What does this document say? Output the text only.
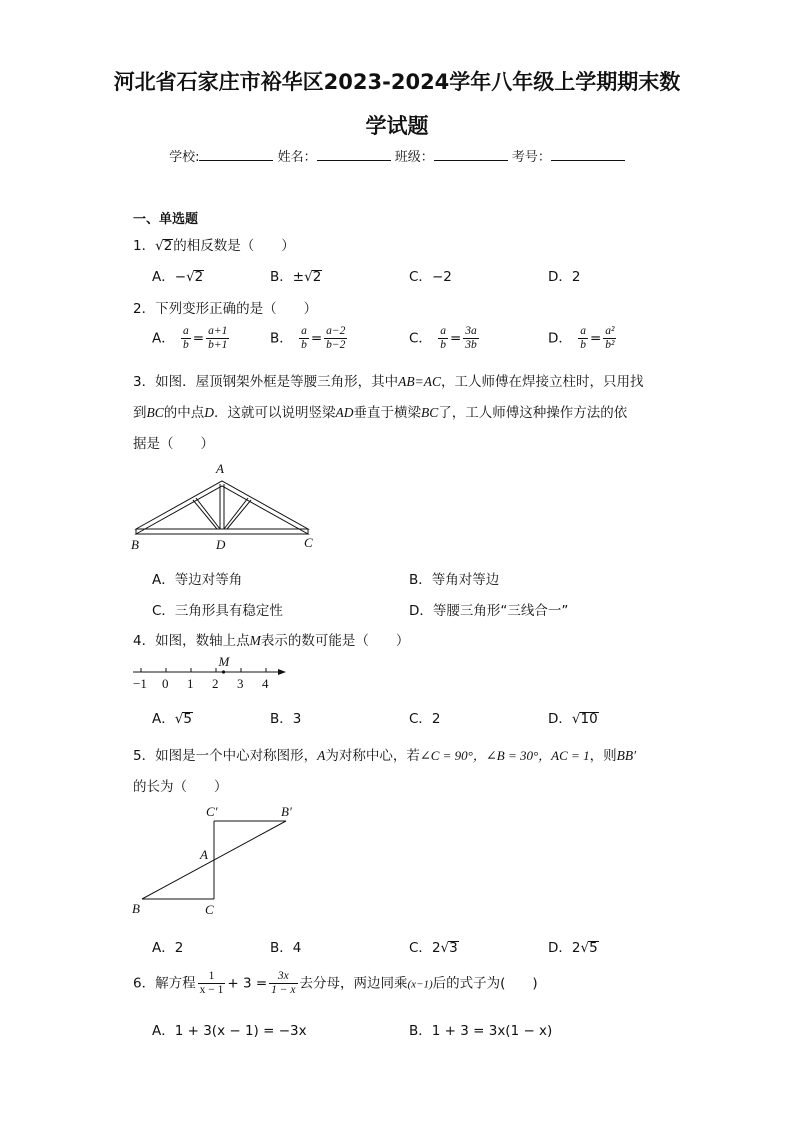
河北省石家庄市裕华区2023-2024学年八年级上学期期末数
学试题
学校:	姓名：	班级：	考号：
一、单选题
1．√2的相反数是（　　）
A．−√2	B．±√2	C．−2	D．2
2．下列变形正确的是（　　）
A． $\frac{a}{b} = \frac{a+1}{b+1}$	B． $\frac{a}{b} = \frac{a-2}{b-2}$	C． $\frac{a}{b} = \frac{3a}{3b}$	D． $\frac{a}{b} = \frac{\text{a²}}{\text{b²}}$
3．如图．屋顶钢架外框是等腰三角形，其中AB=AC，工人师傅在焊接立柱时，只用找
到BC的中点D．这就可以说明竖梁AD垂直于横梁BC了，工人师傅这种操作方法的依
据是（　　）
A
B	D	C
A．等边对等角	B．等角对等边
C．三角形具有稳定性	D．等腰三角形“三线合一”
4．如图，数轴上点M表示的数可能是（　　）
−1 0 1 2 3 4
M
A．√5	B．3	C．2	D．√10
5．如图是一个中心对称图形，A为对称中心，若∠C = 90°，∠B = 30°，AC = 1，则BB′
的长为（　　）
C′	B′
A
B	C
A．2	B．4	C．2√3	D．2√5
6．解方程 $\frac{1}{x - 1} + 3 = \frac{3x}{1 - x}$ 去分母，两边同乘(x−1)后的式子为(　　)
A．1 + 3(x − 1) = −3x	B．1 + 3 = 3x(1 − x)
